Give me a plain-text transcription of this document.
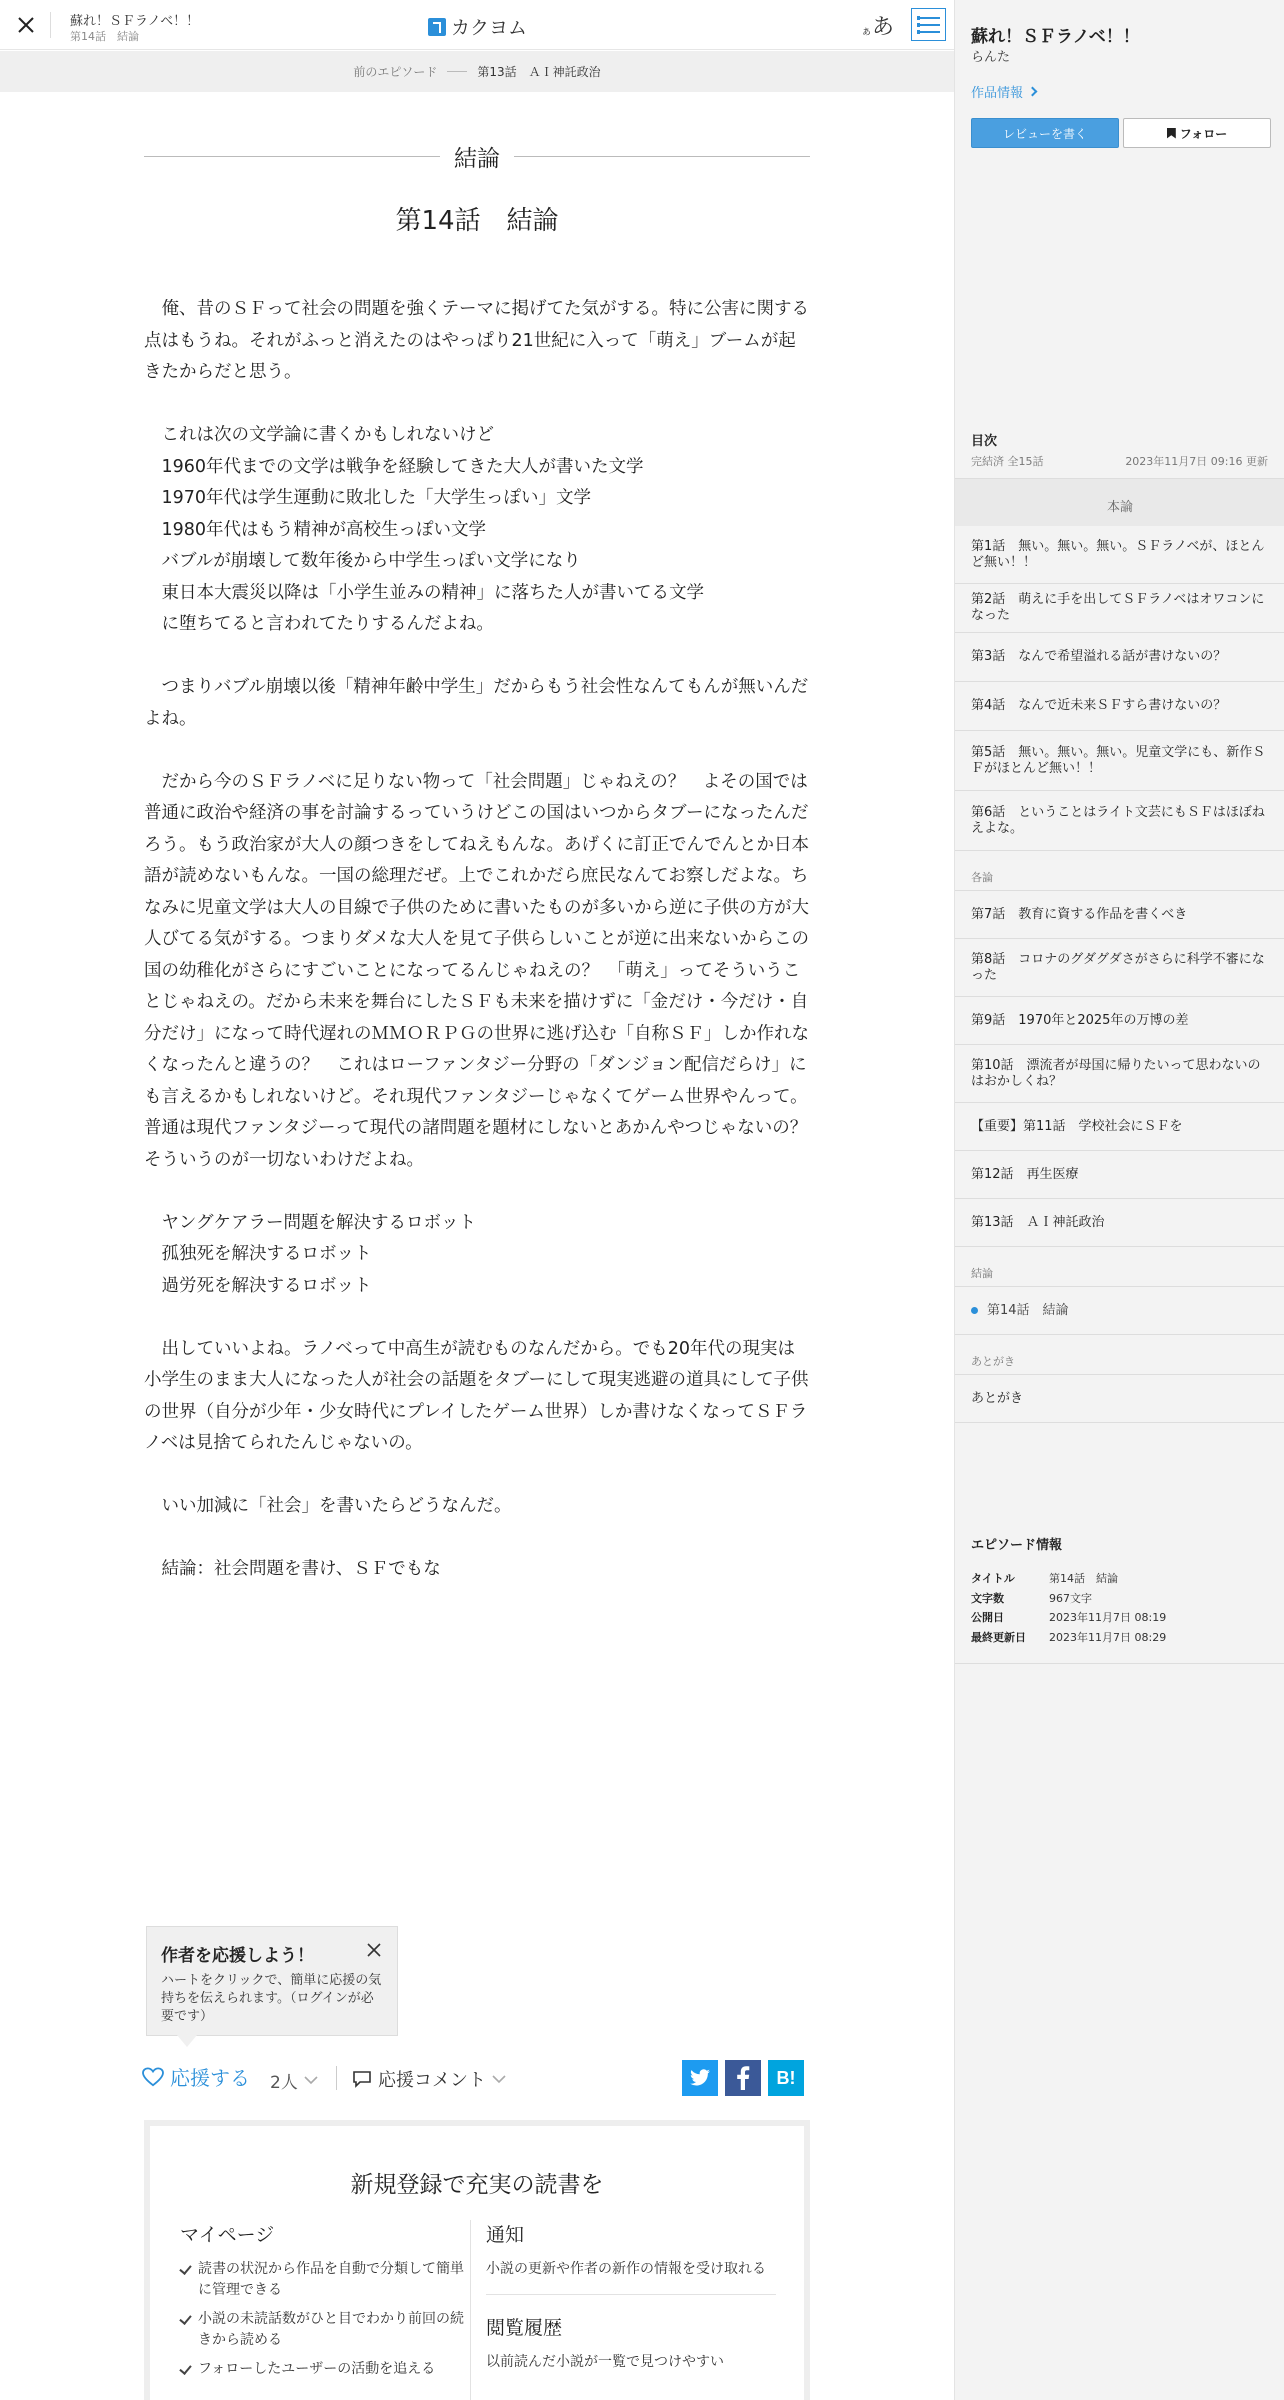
蘇れ！ＳＦラノベ！！
第14話　結論	カクヨム	ぁあ
前のエピソード	第13話　ＡＩ神託政治
結論
第14話　結論

　俺、昔のＳＦって社会の問題を強くテーマに掲げてた気がする。特に公害に関する点はもうね。それがふっと消えたのはやっぱり21世紀に入って「萌え」ブームが起きたからだと思う。

　これは次の文学論に書くかもしれないけど

　1960年代までの文学は戦争を経験してきた大人が書いた文学

　1970年代は学生運動に敗北した「大学生っぽい」文学

　1980年代はもう精神が高校生っぽい文学

　バブルが崩壊して数年後から中学生っぽい文学になり

　東日本大震災以降は「小学生並みの精神」に落ちた人が書いてる文学

　に堕ちてると言われてたりするんだよね。

　つまりバブル崩壊以後「精神年齢中学生」だからもう社会性なんてもんが無いんだよね。

　だから今のＳＦラノベに足りない物って「社会問題」じゃねえの？　よその国では普通に政治や経済の事を討論するっていうけどこの国はいつからタブーになったんだろう。もう政治家が大人の顔つきをしてねえもんな。あげくに訂正でんでんとか日本語が読めないもんな。一国の総理だぜ。上でこれかだら庶民なんてお察しだよな。ちなみに児童文学は大人の目線で子供のために書いたものが多いから逆に子供の方が大人びてる気がする。つまりダメな大人を見て子供らしいことが逆に出来ないからこの国の幼稚化がさらにすごいことになってるんじゃねえの？　「萌え」ってそういうことじゃねえの。だから未来を舞台にしたＳＦも未来を描けずに「金だけ・今だけ・自分だけ」になって時代遅れのＭＭＯＲＰＧの世界に逃げ込む「自称ＳＦ」しか作れなくなったんと違うの？　これはローファンタジー分野の「ダンジョン配信だらけ」にも言えるかもしれないけど。それ現代ファンタジーじゃなくてゲーム世界やんって。普通は現代ファンタジーって現代の諸問題を題材にしないとあかんやつじゃないの？そういうのが一切ないわけだよね。

　ヤングケアラー問題を解決するロボット

　孤独死を解決するロボット

　過労死を解決するロボット

　出していいよね。ラノベって中高生が読むものなんだから。でも20年代の現実は小学生のまま大人になった人が社会の話題をタブーにして現実逃避の道具にして子供の世界（自分が少年・少女時代にプレイしたゲーム世界）しか書けなくなってＳＦラノベは見捨てられたんじゃないの。

　いい加減に「社会」を書いたらどうなんだ。

　結論：社会問題を書け、ＳＦでもな

作者を応援しよう！
ハートをクリックで、簡単に応援の気持ちを伝えられます。（ログインが必要です）
応援する 2人	応援コメント	B!
新規登録で充実の読書を
マイページ
読書の状況から作品を自動で分類して簡単に管理できる
小説の未読話数がひと目でわかり前回の続きから読める
フォローしたユーザーの活動を追える
通知
小説の更新や作者の新作の情報を受け取れる
閲覧履歴
以前読んだ小説が一覧で見つけやすい
蘇れ！ＳＦラノベ！！
らんた
作品情報
レビューを書く	フォロー
目次
完結済 全15話	2023年11月7日 09:16 更新
本論
第1話　無い。無い。無い。ＳＦラノベが、ほとんど無い！！
第2話　萌えに手を出してＳＦラノベはオワコンになった
第3話　なんで希望溢れる話が書けないの？
第4話　なんで近未来ＳＦすら書けないの？
第5話　無い。無い。無い。児童文学にも、新作ＳＦがほとんど無い！！
第6話　ということはライト文芸にもＳＦはほぼねえよな。
各論
第7話　教育に資する作品を書くべき
第8話　コロナのグダグダさがさらに科学不審になった
第9話　1970年と2025年の万博の差
第10話　漂流者が母国に帰りたいって思わないのはおかしくね？
【重要】第11話　学校社会にＳＦを
第12話　再生医療
第13話　ＡＩ神託政治
結論
第14話　結論
あとがき
あとがき
エピソード情報
タイトル	第14話　結論
文字数	967文字
公開日	2023年11月7日 08:19
最終更新日	2023年11月7日 08:29
